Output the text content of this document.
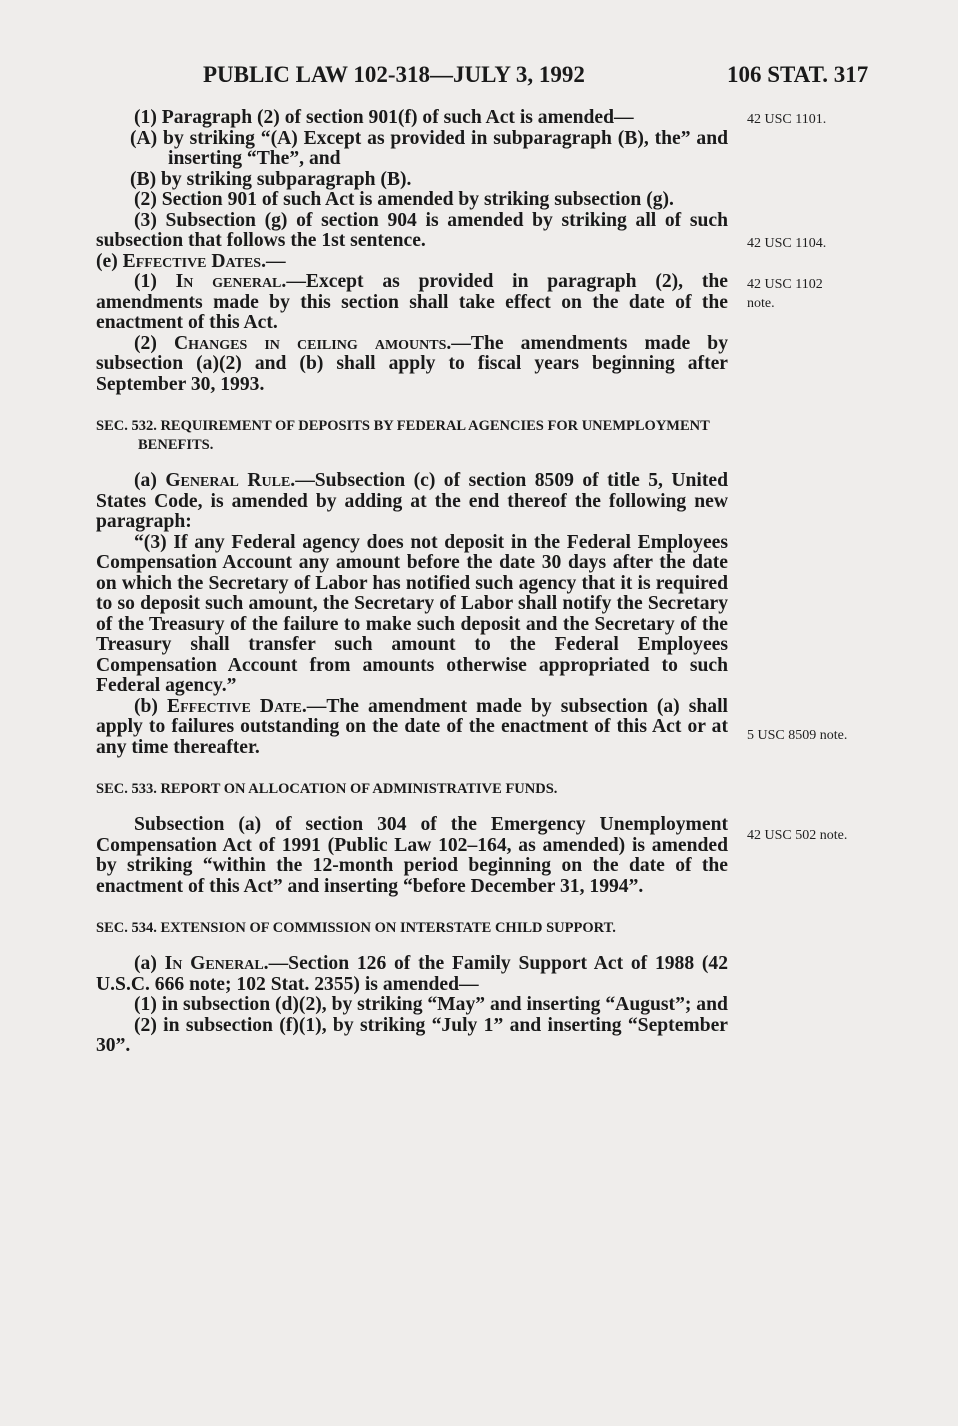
PUBLIC LAW 102-318—JULY 3, 1992	106 STAT. 317

(1) Paragraph (2) of section 901(f) of such Act is amended—

(A) by striking “(A) Except as provided in subparagraph (B), the” and inserting “The”, and

(B) by striking subparagraph (B).

(2) Section 901 of such Act is amended by striking subsection (g).

(3) Subsection (g) of section 904 is amended by striking all of such subsection that follows the 1st sentence.

(e) Effective Dates.—

(1) In general.—Except as provided in paragraph (2), the amendments made by this section shall take effect on the date of the enactment of this Act.

(2) Changes in ceiling amounts.—The amendments made by subsection (a)(2) and (b) shall apply to fiscal years beginning after September 30, 1993.

SEC. 532. REQUIREMENT OF DEPOSITS BY FEDERAL AGENCIES FOR UNEMPLOYMENT BENEFITS.

(a) General Rule.—Subsection (c) of section 8509 of title 5, United States Code, is amended by adding at the end thereof the following new paragraph:

“(3) If any Federal agency does not deposit in the Federal Employees Compensation Account any amount before the date 30 days after the date on which the Secretary of Labor has notified such agency that it is required to so deposit such amount, the Secretary of Labor shall notify the Secretary of the Treasury of the failure to make such deposit and the Secretary of the Treasury shall transfer such amount to the Federal Employees Compensation Account from amounts otherwise appropriated to such Federal agency.”

(b) Effective Date.—The amendment made by subsection (a) shall apply to failures outstanding on the date of the enactment of this Act or at any time thereafter.

SEC. 533. REPORT ON ALLOCATION OF ADMINISTRATIVE FUNDS.

Subsection (a) of section 304 of the Emergency Unemployment Compensation Act of 1991 (Public Law 102–164, as amended) is amended by striking “within the 12-month period beginning on the date of the enactment of this Act” and inserting “before December 31, 1994”.

SEC. 534. EXTENSION OF COMMISSION ON INTERSTATE CHILD SUPPORT.

(a) In General.—Section 126 of the Family Support Act of 1988 (42 U.S.C. 666 note; 102 Stat. 2355) is amended—

(1) in subsection (d)(2), by striking “May” and inserting “August”; and

(2) in subsection (f)(1), by striking “July 1” and inserting “September 30”.

42 USC 1101.
42 USC 1104.
42 USC 1102
note.
5 USC 8509 note.
42 USC 502 note.
